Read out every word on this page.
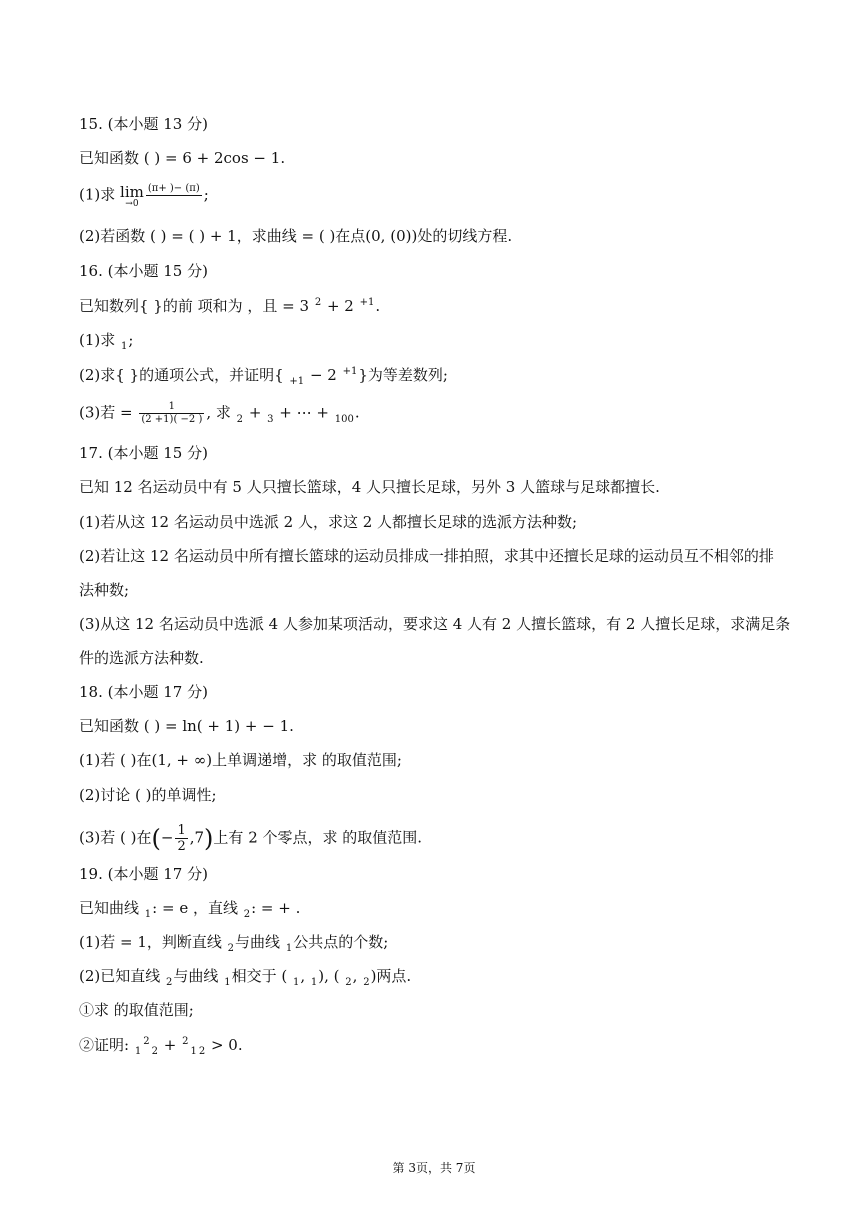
15. (本小题 13 分)
已知函数 ( ) = 6 + 2cos − 1.
(1)求 lim
→0
(π+ )− (π)
;
(2)若函数 ( ) = ( ) + 1，求曲线 = ( )在点(0, (0))处的切线方程.
16. (本小题 15 分)
已知数列{ }的前 项和为 ，且 = 3 $^2$ + 2 $^{+1}$.
(1)求 $_1$;
(2)求{ }的通项公式，并证明{ $_{+1}$ − 2 $^{+1}$}为等差数列;
(3)若 = $\frac{1}{(2 +1)( -2 )}$ , 求 $_2$ + $_3$ + ⋯ + $_{100}$.
17. (本小题 15 分)
已知 12 名运动员中有 5 人只擅长篮球，4 人只擅长足球，另外 3 人篮球与足球都擅长.
(1)若从这 12 名运动员中选派 2 人，求这 2 人都擅长足球的选派方法种数;
(2)若让这 12 名运动员中所有擅长篮球的运动员排成一排拍照，求其中还擅长足球的运动员互不相邻的排
法种数;
(3)从这 12 名运动员中选派 4 人参加某项活动，要求这 4 人有 2 人擅长篮球，有 2 人擅长足球，求满足条
件的选派方法种数.
18. (本小题 17 分)
已知函数 ( ) = ln( + 1) + − 1.
(1)若 ( )在(1, + ∞)上单调递增，求 的取值范围;
(2)讨论 ( )的单调性;
(3)若 ( )在(− $\frac{1}{2} ,7$)上有 2 个零点，求 的取值范围.
19. (本小题 17 分)
已知曲线 $_1$: = e ，直线 $_2$: = + .
(1)若 = 1，判断直线 $_2$与曲线 $_1$公共点的个数;
(2)已知直线 $_2$与曲线 $_1$相交于 ( $_1$, $_1$), ( $_2$, $_2$)两点.
①求 的取值范围;
②证明: $_1^2_2$ + $^2_1$ $_2$ > 0.
第 3页，共 7页
